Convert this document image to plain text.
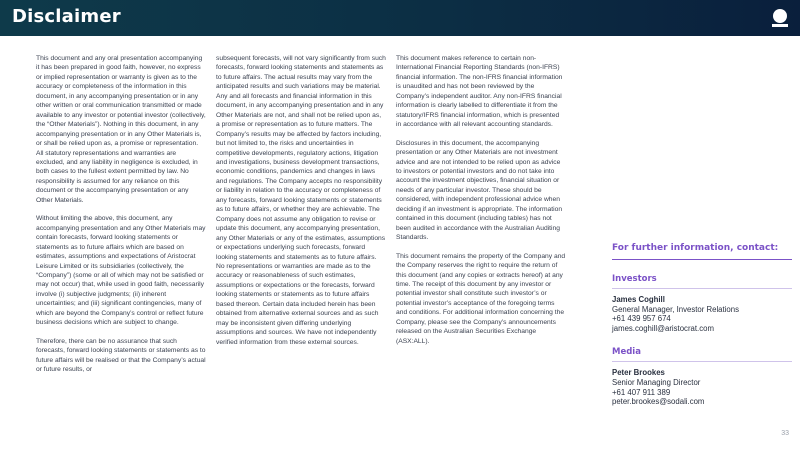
Disclaimer

This document and any oral presentation accompanying it has been prepared in good faith, however, no express or implied representation or warranty is given as to the accuracy or completeness of the information in this document, in any accompanying presentation or in any other written or oral communication transmitted or made available to any investor or potential investor (collectively, the “Other Materials”). Nothing in this document, in any accompanying presentation or in any Other Materials is, or shall be relied upon as, a promise or representation. All statutory representations and warranties are excluded, and any liability in negligence is excluded, in both cases to the fullest extent permitted by law. No responsibility is assumed for any reliance on this document or the accompanying presentation or any Other Materials.

Without limiting the above, this document, any accompanying presentation and any Other Materials may contain forecasts, forward looking statements or statements as to future affairs which are based on estimates, assumptions and expectations of Aristocrat Leisure Limited or its subsidiaries (collectively, the “Company”) (some or all of which may not be satisfied or may not occur) that, while used in good faith, necessarily involve (i) subjective judgments; (ii) inherent uncertainties; and (iii) significant contingencies, many of which are beyond the Company’s control or reflect future business decisions which are subject to change.

Therefore, there can be no assurance that such forecasts, forward looking statements or statements as to future affairs will be realised or that the Company’s actual or future results, or

subsequent forecasts, will not vary significantly from such forecasts, forward looking statements and statements as to future affairs. The actual results may vary from the anticipated results and such variations may be material. Any and all forecasts and financial information in this document, in any accompanying presentation and in any Other Materials are not, and shall not be relied upon as, a promise or representation as to future matters. The Company’s results may be affected by factors including, but not limited to, the risks and uncertainties in competitive developments, regulatory actions, litigation and investigations, business development transactions, economic conditions, pandemics and changes in laws and regulations. The Company accepts no responsibility or liability in relation to the accuracy or completeness of any forecasts, forward looking statements or statements as to future affairs, or whether they are achievable. The Company does not assume any obligation to revise or update this document, any accompanying presentation, any Other Materials or any of the estimates, assumptions or expectations underlying such forecasts, forward looking statements and statements as to future affairs. No representations or warranties are made as to the accuracy or reasonableness of such estimates, assumptions or expectations or the forecasts, forward looking statements or statements as to future affairs based thereon. Certain data included herein has been obtained from alternative external sources and as such may be inconsistent given differing underlying assumptions and sources. We have not independently verified information from these external sources.

This document makes reference to certain non-International Financial Reporting Standards (non-IFRS) financial information. The non-IFRS financial information is unaudited and has not been reviewed by the Company’s independent auditor. Any non-IFRS financial information is clearly labelled to differentiate it from the statutory/IFRS financial information, which is presented in accordance with all relevant accounting standards.

Disclosures in this document, the accompanying presentation or any Other Materials are not investment advice and are not intended to be relied upon as advice to investors or potential investors and do not take into account the investment objectives, financial situation or needs of any particular investor. These should be considered, with independent professional advice when deciding if an investment is appropriate. The information contained in this document (including tables) has not been audited in accordance with the Australian Auditing Standards.

This document remains the property of the Company and the Company reserves the right to require the return of this document (and any copies or extracts hereof) at any time. The receipt of this document by any investor or potential investor shall constitute such investor’s or potential investor’s acceptance of the foregoing terms and conditions. For additional information concerning the Company, please see the Company’s announcements released on the Australian Securities Exchange (ASX:ALL).

For further information, contact:
Investors
James Coghill
General Manager, Investor Relations
+61 439 957 674
james.coghill@aristocrat.com
Media
Peter Brookes
Senior Managing Director
+61 407 911 389
peter.brookes@sodali.com
33
